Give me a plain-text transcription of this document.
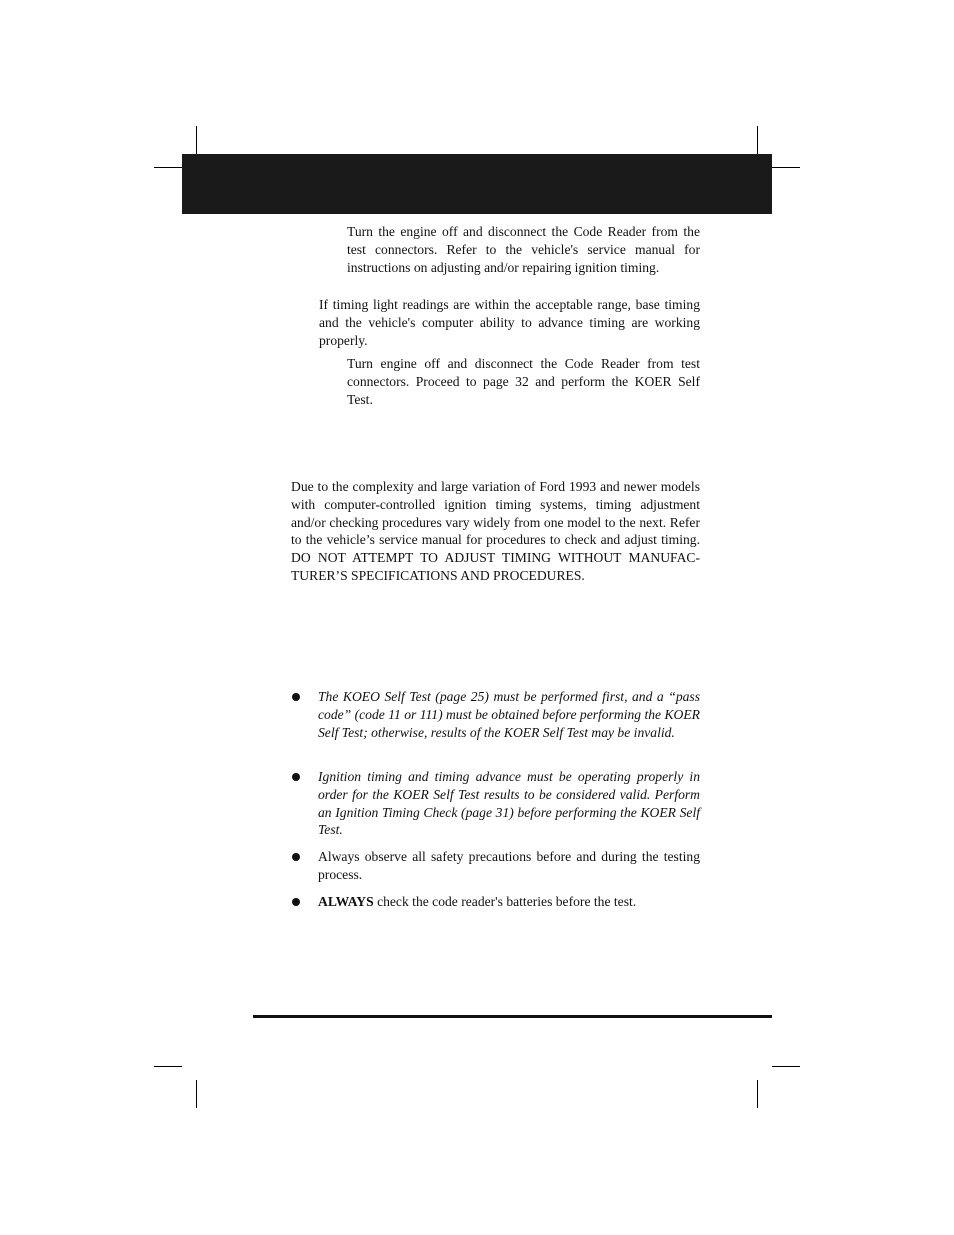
Turn the engine off and disconnect the Code Reader from the test connectors. Refer to the vehicle's service manual for instructions on adjusting and/or repairing ignition timing.

If timing light readings are within the acceptable range, base timing and the vehicle's computer ability to advance timing are working properly.

Turn engine off and disconnect the Code Reader from test connectors. Proceed to page 32 and perform the KOER Self Test.

Due to the complexity and large variation of Ford 1993 and newer models with computer-controlled ignition timing systems, timing adjustment and/or checking procedures vary widely from one model to the next. Refer to the vehicle’s service manual for procedures to check and adjust timing. DO NOT ATTEMPT TO ADJUST TIMING WITHOUT MANUFAC-TURER’S SPECIFICATIONS AND PROCEDURES.

The KOEO Self Test (page 25) must be performed first, and a “pass code” (code 11 or 111) must be obtained before performing the KOER Self Test; otherwise, results of the KOER Self Test may be invalid.
Ignition timing and timing advance must be operating properly in order for the KOER Self Test results to be considered valid. Perform an Ignition Timing Check (page 31) before performing the KOER Self Test.
Always observe all safety precautions before and during the testing process.
ALWAYS check the code reader's batteries before the test.
